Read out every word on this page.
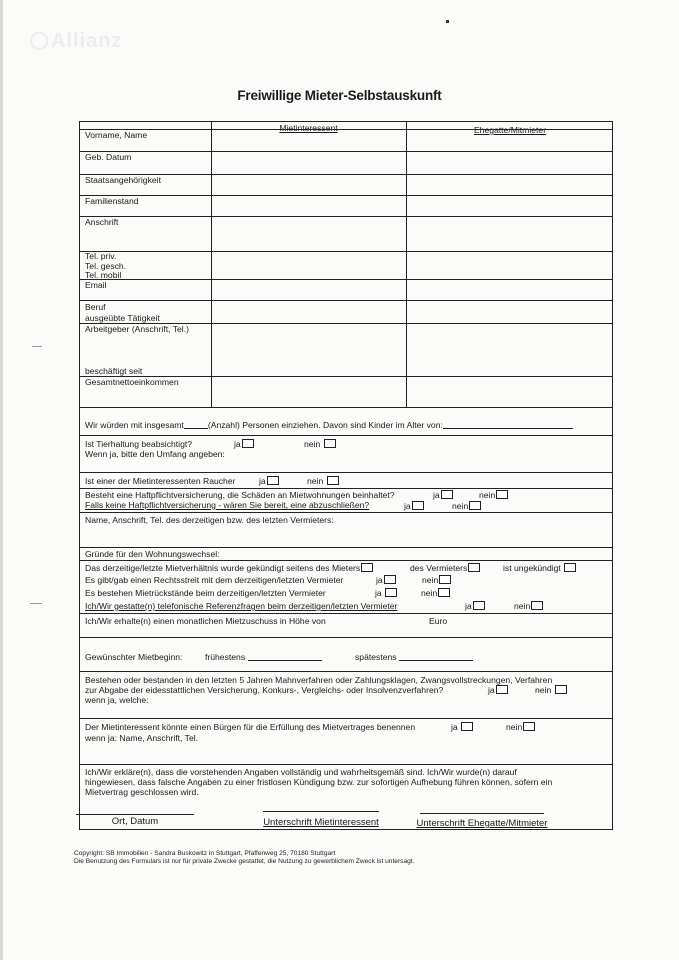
Allianz
Freiwillige Mieter-Selbstauskunft
Mietinteressent	Ehegatte/Mitmieter
Vorname, Name
Geb. Datum
Staatsangehörigkeit
Familienstand
Anschrift
Tel. priv.
Tel. gesch.
Tel. mobil
Email
Beruf
ausgeübte Tätigkeit
Arbeitgeber (Anschrift, Tel.)
beschäftigt seit
Gesamtnettoeinkommen
Wir würden mit insgesamt	(Anzahl) Personen einziehen. Davon sind Kinder im Alter von:
Ist Tierhaltung beabsichtigt?	ja	nein
Wenn ja, bitte den Umfang angeben:
Ist einer der Mietinteressenten Raucher	ja	nein
Besteht eine Haftpflichtversicherung, die Schäden an Mietwohnungen beinhaltet?	ja	nein
Falls keine Haftpflichtversicherung - wären Sie bereit, eine abzuschließen?	ja	nein
Name, Anschrift, Tel. des derzeitigen bzw. des letzten Vermieters:
Gründe für den Wohnungswechsel:
Das derzeitige/letzte Mietverhältnis wurde gekündigt seitens des Mieters	des Vermieters	ist ungekündigt
Es gibt/gab einen Rechtsstreit mit dem derzeitigen/letzten Vermieter	ja	nein
Es bestehen Mietrückstände beim derzeitigen/letzten Vermieter	ja	nein
Ich/Wir gestatte(n) telefonische Referenzfragen beim derzeitigen/letzten Vermieter	ja	nein
Ich/Wir erhalte(n) einen monatlichen Mietzuschuss in Höhe von	Euro
Gewünschter Mietbeginn:	frühestens	spätestens
Bestehen oder bestanden in den letzten 5 Jahren Mahnverfahren oder Zahlungsklagen, Zwangsvollstreckungen, Verfahren
zur Abgabe der eidesstattlichen Versicherung, Konkurs-, Vergleichs- oder Insolvenzverfahren?	ja	nein
wenn ja, welche:
Der Mietinteressent könnte einen Bürgen für die Erfüllung des Mietvertrages benennen	ja	nein
wenn ja: Name, Anschrift, Tel.
Ich/Wir erkläre(n), dass die vorstehenden Angaben vollständig und wahrheitsgemäß sind. Ich/Wir wurde(n) darauf
hingewiesen, dass falsche Angaben zu einer fristlosen Kündigung bzw. zur sofortigen Aufhebung führen können, sofern ein
Mietvertrag geschlossen wird.
Ort, Datum	Unterschrift Mietinteressent	Unterschrift Ehegatte/Mitmieter
Copyright: SB Immobilien - Sandra Buskowitz in Stuttgart, Pfaffenweg 25, 70180 Stuttgart
Die Benutzung des Formulars ist nur für private Zwecke gestattet, die Nutzung zu gewerblichem Zweck ist untersagt.
